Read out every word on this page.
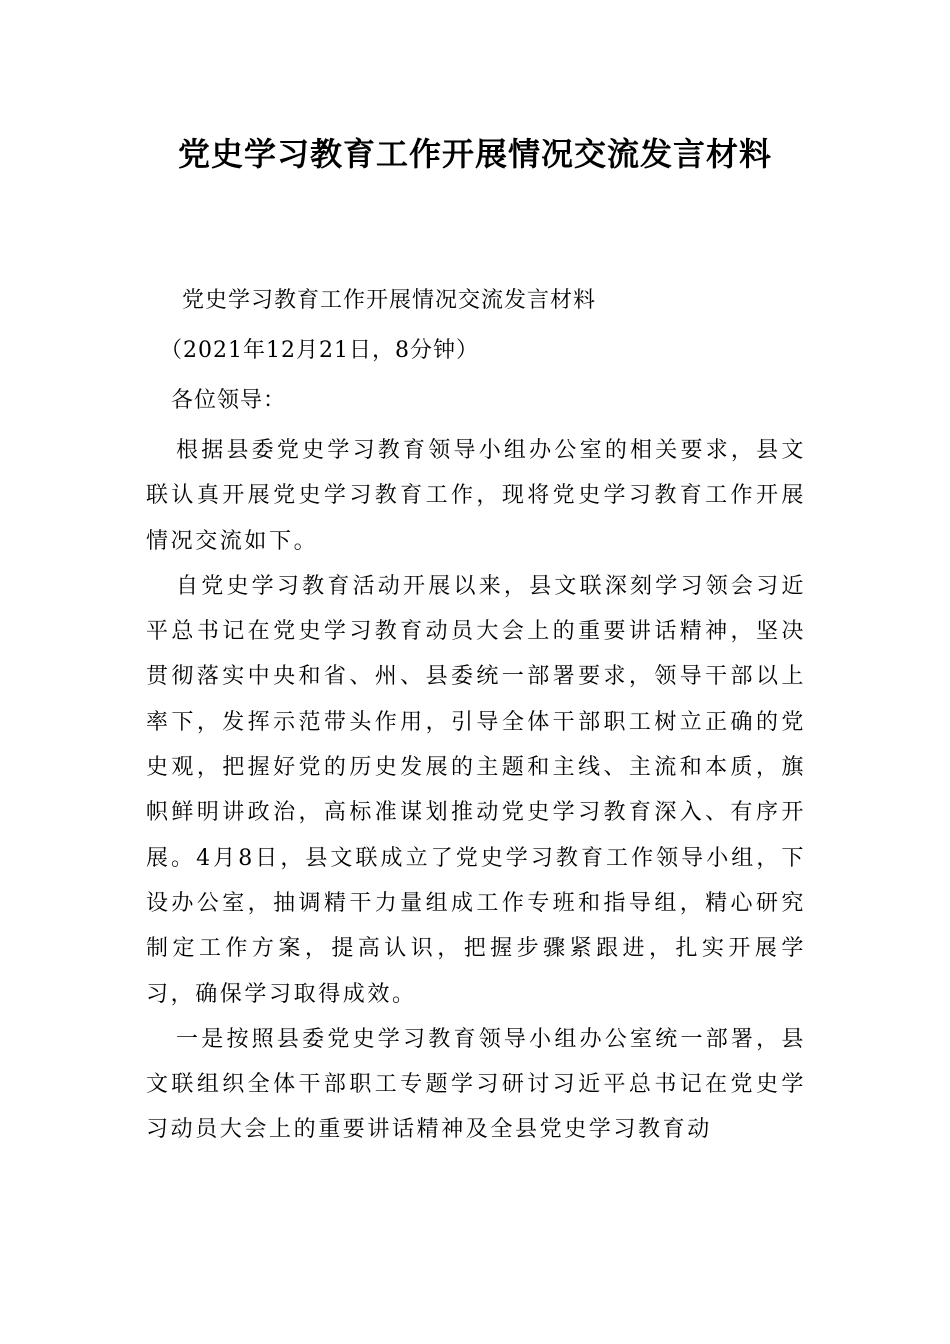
党史学习教育工作开展情况交流发言材料
党史学习教育工作开展情况交流发言材料
（2021年12月21日，8分钟）
各位领导：

根据县委党史学习教育领导小组办公室的相关要求，县文联认真开展党史学习教育工作，现将党史学习教育工作开展情况交流如下。

自党史学习教育活动开展以来，县文联深刻学习领会习近平总书记在党史学习教育动员大会上的重要讲话精神，坚决贯彻落实中央和省、州、县委统一部署要求，领导干部以上率下，发挥示范带头作用，引导全体干部职工树立正确的党史观，把握好党的历史发展的主题和主线、主流和本质，旗帜鲜明讲政治，高标准谋划推动党史学习教育深入、有序开展。4月8日，县文联成立了党史学习教育工作领导小组，下设办公室，抽调精干力量组成工作专班和指导组，精心研究制定工作方案，提高认识，把握步骤紧跟进，扎实开展学习，确保学习取得成效。

一是按照县委党史学习教育领导小组办公室统一部署，县文联组织全体干部职工专题学习研讨习近平总书记在党史学习动员大会上的重要讲话精神及全县党史学习教育动
